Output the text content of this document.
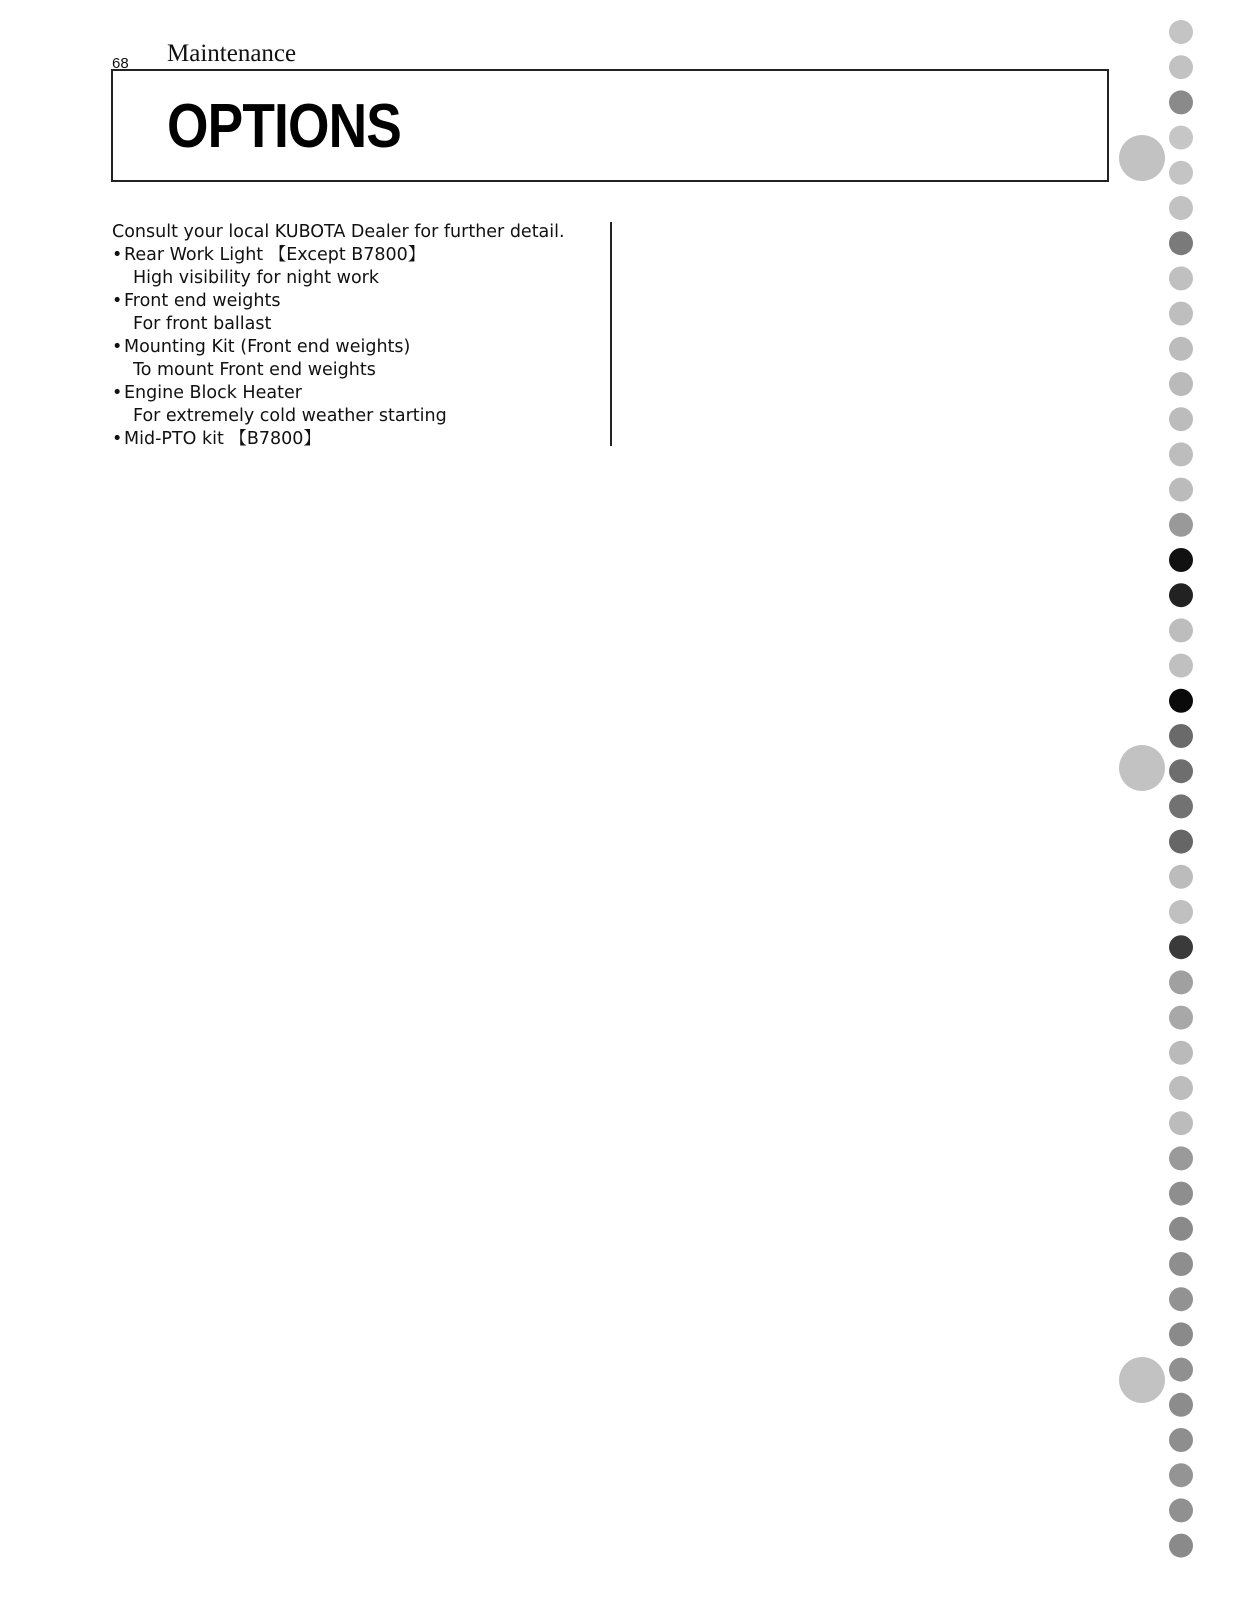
68 Maintenance
OPTIONS

Consult your local KUBOTA Dealer for further detail.

•Rear Work Light 【Except B7800】
High visibility for night work
•Front end weights
For front ballast
•Mounting Kit (Front end weights)
To mount Front end weights
•Engine Block Heater
For extremely cold weather starting
•Mid-PTO kit 【B7800】
